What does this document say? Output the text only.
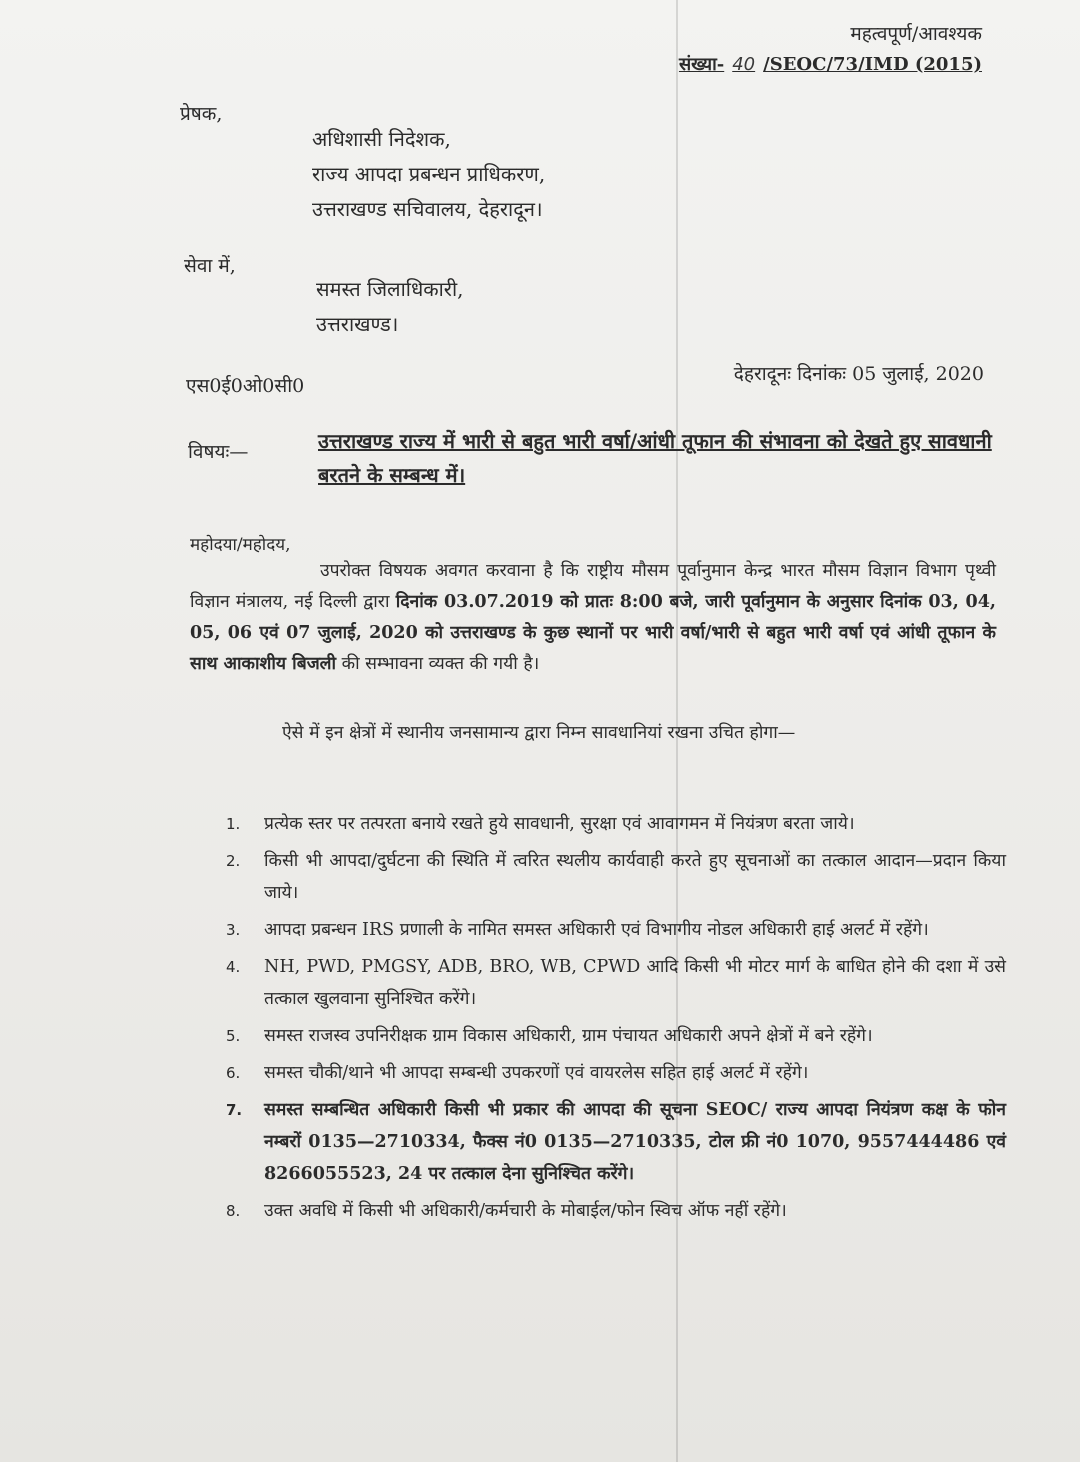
महत्वपूर्ण/आवश्यक
संख्या- 40 /SEOC/73/IMD (2015)
प्रेषक,
अधिशासी निदेशक,
राज्य आपदा प्रबन्धन प्राधिकरण,
उत्तराखण्ड सचिवालय, देहरादून।
सेवा में,
समस्त जिलाधिकारी,
उत्तराखण्ड।
एस0ई0ओ0सी0
देहरादूनः दिनांकः 05 जुलाई, 2020
विषयः—	उत्तराखण्ड राज्य में भारी से बहुत भारी वर्षा/आंधी तूफान की संभावना को देखते हुए सावधानी बरतने के सम्बन्ध में।
महोदया/महोदय,
उपरोक्त विषयक अवगत करवाना है कि राष्ट्रीय मौसम पूर्वानुमान केन्द्र भारत मौसम विज्ञान विभाग पृथ्वी विज्ञान मंत्रालय, नई दिल्ली द्वारा दिनांक 03.07.2019 को प्रातः 8:00 बजे, जारी पूर्वानुमान के अनुसार दिनांक 03, 04, 05, 06 एवं 07 जुलाई, 2020 को उत्तराखण्ड के कुछ स्थानों पर भारी वर्षा/भारी से बहुत भारी वर्षा एवं आंधी तूफान के साथ आकाशीय बिजली की सम्भावना व्यक्त की गयी है।
ऐसे में इन क्षेत्रों में स्थानीय जनसामान्य द्वारा निम्न सावधानियां रखना उचित होगा—
1. प्रत्येक स्तर पर तत्परता बनाये रखते हुये सावधानी, सुरक्षा एवं आवागमन में नियंत्रण बरता जाये।
2. किसी भी आपदा/दुर्घटना की स्थिति में त्वरित स्थलीय कार्यवाही करते हुए सूचनाओं का तत्काल आदान—प्रदान किया जाये।
3. आपदा प्रबन्धन IRS प्रणाली के नामित समस्त अधिकारी एवं विभागीय नोडल अधिकारी हाई अलर्ट में रहेंगे।
4. NH, PWD, PMGSY, ADB, BRO, WB, CPWD आदि किसी भी मोटर मार्ग के बाधित होने की दशा में उसे तत्काल खुलवाना सुनिश्चित करेंगे।
5. समस्त राजस्व उपनिरीक्षक ग्राम विकास अधिकारी, ग्राम पंचायत अधिकारी अपने क्षेत्रों में बने रहेंगे।
6. समस्त चौकी/थाने भी आपदा सम्बन्धी उपकरणों एवं वायरलेस सहित हाई अलर्ट में रहेंगे।
7. समस्त सम्बन्धित अधिकारी किसी भी प्रकार की आपदा की सूचना SEOC/ राज्य आपदा नियंत्रण कक्ष के फोन नम्बरों 0135—2710334, फैक्स नं0 0135—2710335, टोल फ्री नं0 1070, 9557444486 एवं 8266055523, 24 पर तत्काल देना सुनिश्चित करेंगे।
8. उक्त अवधि में किसी भी अधिकारी/कर्मचारी के मोबाईल/फोन स्विच ऑफ नहीं रहेंगे।
